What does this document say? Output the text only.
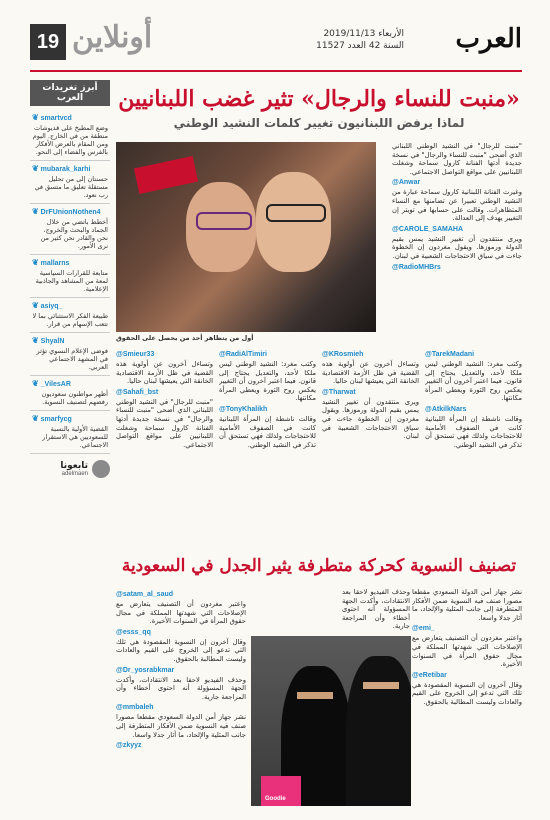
19 أونلاين	العرب
الأربعاء 2019/11/13
السنة 42 العدد 11527
أبرز تغريدات العرب
❦ smartvcd
وضع المطبخ على قديوشات منطقة من في الخارج. اليوم ومن المقام بالعرض الأفكار بالفرس والفضاء إلى النحو.
❦ mubarak_karhi
حسنتان إلى من تحليل مستقلة تعليق ما متسق في رب نعود.
❦ DrFUnionNothen4
أخطط باتضي من خلال الجماد والبحث والخروج، نحن والقادر نحن كثير من نرى الأمور.
❦ mallarns
متابعة للقرارات السياسية لمعة من المشاهد والجاذبية الإعلامية.
❦ asiyq_
طبيعة الفكر الاستثنائي بما لا تتعب الإسهام من قرار.
❦ ShyalN
فوضى الإعلام النسوي تؤثر في المشهد الاجتماعي العربي.
❦ _VilesAR
أظهر مواطنون سعوديون رفضهم لتصنيف النسوية.
❦ smarfycg
القضية الأولية بالنسبة للسعوديين هي الاستقرار الاجتماعي.
تابعونا
adelmaen
«منبت للنساء والرجال» تثير غضب اللبنانيين
لماذا يرفض اللبنانيون تغيير كلمات النشيد الوطني
أول من يتظاهر أحد من يحصل على الحقوق
"منبت للرجال" في النشيد الوطني اللبناني الذي أضحى "منبت للنساء والرجال" في نسخة جديدة أدتها الفنانة كارول سماحة وشغلت اللبنانيين على مواقع التواصل الاجتماعي.
@Anwar
وغيرت الفنانة اللبنانية كارول سماحة عبارة من النشيد الوطني تعبيرا عن تضامنها مع النساء المتظاهرات. وقالت على حسابها في تويتر إن التغيير يهدف إلى العدالة.
@CAROLE_SAMAHA
ويرى منتقدون أن تغيير النشيد يمس بقيم الدولة ورموزها. ويقول مغردون إن الخطوة جاءت في سياق الاحتجاجات الشعبية في لبنان.
@RadioMHBrs
@TarekMadani
وكتب مغرد: النشيد الوطني ليس ملكا لأحد، والتعديل يحتاج إلى قانون. فيما اعتبر آخرون أن التغيير يعكس روح الثورة ويعطي المرأة مكانتها.
@AtkilkNars
وقالت ناشطة إن المرأة اللبنانية كانت في الصفوف الأمامية للاحتجاجات ولذلك فهي تستحق أن تذكر في النشيد الوطني.
@KRosmieh
وتساءل آخرون عن أولوية هذه القضية في ظل الأزمة الاقتصادية الخانقة التي يعيشها لبنان حاليا.
@Tharwat
ويرى منتقدون أن تغيير النشيد يمس بقيم الدولة ورموزها. ويقول مغردون إن الخطوة جاءت في سياق الاحتجاجات الشعبية في لبنان.
@RadiAlTimiri
وكتب مغرد: النشيد الوطني ليس ملكا لأحد، والتعديل يحتاج إلى قانون. فيما اعتبر آخرون أن التغيير يعكس روح الثورة ويعطي المرأة مكانتها.
@TonyKhalikh
وقالت ناشطة إن المرأة اللبنانية كانت في الصفوف الأمامية للاحتجاجات ولذلك فهي تستحق أن تذكر في النشيد الوطني.
@Smieur33
وتساءل آخرون عن أولوية هذه القضية في ظل الأزمة الاقتصادية الخانقة التي يعيشها لبنان حاليا.
@Sahafi_bst
"منبت للرجال" في النشيد الوطني اللبناني الذي أضحى "منبت للنساء والرجال" في نسخة جديدة أدتها الفنانة كارول سماحة وشغلت اللبنانيين على مواقع التواصل الاجتماعي.
تصنيف النسوية كحركة متطرفة يثير الجدل في السعودية
Goodie
نشر جهاز أمن الدولة السعودي مقطعا مصورا صنف فيه النسوية ضمن الأفكار المتطرفة إلى جانب المثلية والإلحاد، ما أثار جدلا واسعا.
@emi_
واعتبر مغردون أن التصنيف يتعارض مع الإصلاحات التي شهدتها المملكة في مجال حقوق المرأة في السنوات الأخيرة.
@eRetibar
وقال آخرون إن النسوية المقصودة هي تلك التي تدعو إلى الخروج على القيم والعادات وليست المطالبة بالحقوق.
وحذف الفيديو لاحقا بعد الانتقادات، وأكدت الجهة المسؤولة أنه احتوى أخطاء وأن المراجعة جارية.
@satam_al_saud
واعتبر مغردون أن التصنيف يتعارض مع الإصلاحات التي شهدتها المملكة في مجال حقوق المرأة في السنوات الأخيرة.
@esss_qq
وقال آخرون إن النسوية المقصودة هي تلك التي تدعو إلى الخروج على القيم والعادات وليست المطالبة بالحقوق.
@Dr_yosrabkmar
وحذف الفيديو لاحقا بعد الانتقادات، وأكدت الجهة المسؤولة أنه احتوى أخطاء وأن المراجعة جارية.
@mmbaleh
نشر جهاز أمن الدولة السعودي مقطعا مصورا صنف فيه النسوية ضمن الأفكار المتطرفة إلى جانب المثلية والإلحاد، ما أثار جدلا واسعا.
@zkyyz
